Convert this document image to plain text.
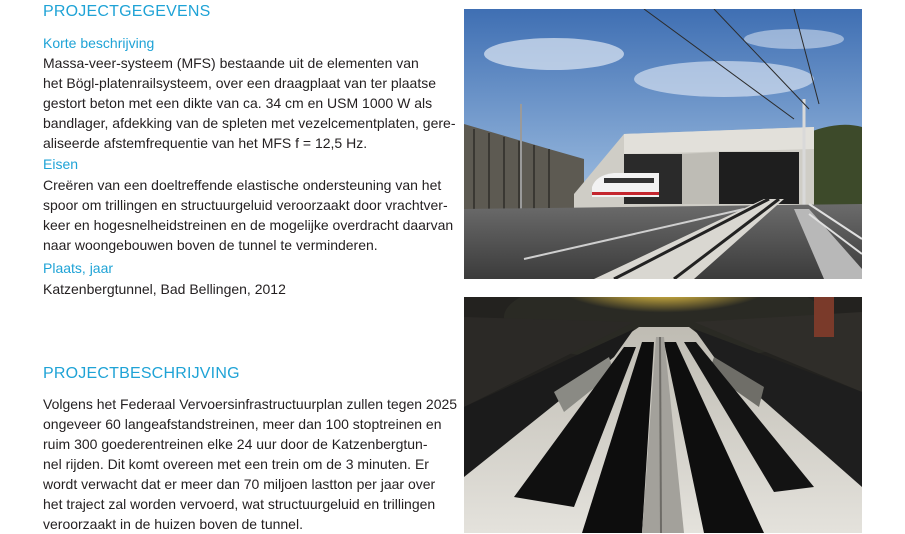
PROJECTGEGEVENS

Korte beschrijving

Massa-veer-systeem (MFS) bestaande uit de elementen van
het Bögl-platenrailsysteem, over een draagplaat van ter plaatse
gestort beton met een dikte van ca. 34 cm en USM 1000 W als
bandlager, afdekking van de spleten met vezelcementplaten, gere-
aliseerde afstemfrequentie van het MFS f = 12,5 Hz.

Eisen

Creëren van een doeltreffende elastische ondersteuning van het
spoor om trillingen en structuurgeluid veroorzaakt door vrachtver-
keer en hogesnelheidstreinen en de mogelijke overdracht daarvan
naar woongebouwen boven de tunnel te verminderen.

Plaats, jaar

Katzenbergtunnel, Bad Bellingen, 2012

PROJECTBESCHRIJVING

Volgens het Federaal Vervoersinfrastructuurplan zullen tegen 2025
ongeveer 60 langeafstandstreinen, meer dan 100 stoptreinen en
ruim 300 goederentreinen elke 24 uur door de Katzenbergtun-
nel rijden. Dit komt overeen met een trein om de 3 minuten. Er
wordt verwacht dat er meer dan 70 miljoen lastton per jaar over
het traject zal worden vervoerd, wat structuurgeluid en trillingen
veroorzaakt in de huizen boven de tunnel.
